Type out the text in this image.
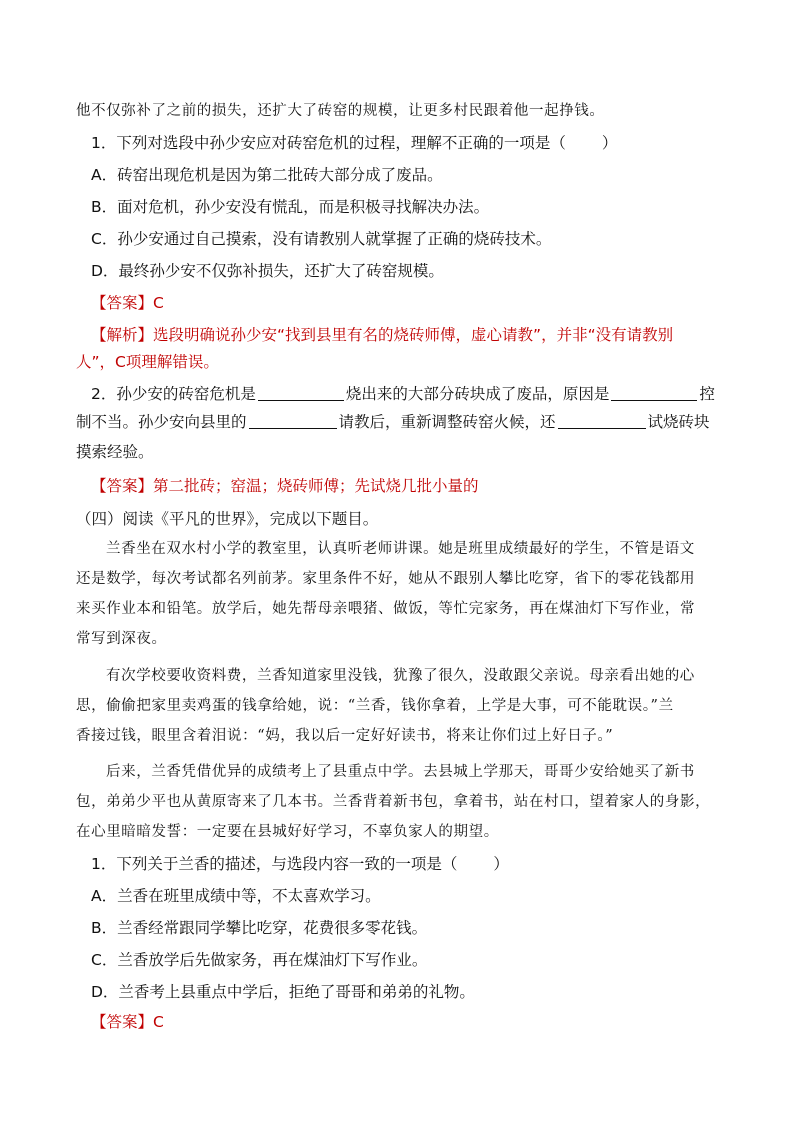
他不仅弥补了之前的损失，还扩大了砖窑的规模，让更多村民跟着他一起挣钱。
1．下列对选段中孙少安应对砖窑危机的过程，理解不正确的一项是（ ）
A．砖窑出现危机是因为第二批砖大部分成了废品。
B．面对危机，孙少安没有慌乱，而是积极寻找解决办法。
C．孙少安通过自己摸索，没有请教别人就掌握了正确的烧砖技术。
D．最终孙少安不仅弥补损失，还扩大了砖窑规模。
【答案】C
【解析】选段明确说孙少安“找到县里有名的烧砖师傅，虚心请教”，并非“没有请教别
人”，C项理解错误。
2．孙少安的砖窑危机是	烧出来的大部分砖块成了废品，原因是	控
制不当。孙少安向县里的	请教后，重新调整砖窑火候，还	试烧砖块
摸索经验。
【答案】第二批砖；窑温；烧砖师傅；先试烧几批小量的
（四）阅读《平凡的世界》，完成以下题目。
兰香坐在双水村小学的教室里，认真听老师讲课。她是班里成绩最好的学生，不管是语文
还是数学，每次考试都名列前茅。家里条件不好，她从不跟别人攀比吃穿，省下的零花钱都用
来买作业本和铅笔。放学后，她先帮母亲喂猪、做饭，等忙完家务，再在煤油灯下写作业，常
常写到深夜。
有次学校要收资料费，兰香知道家里没钱，犹豫了很久，没敢跟父亲说。母亲看出她的心
思，偷偷把家里卖鸡蛋的钱拿给她，说：“兰香，钱你拿着，上学是大事，可不能耽误。”兰
香接过钱，眼里含着泪说：“妈，我以后一定好好读书，将来让你们过上好日子。”
后来，兰香凭借优异的成绩考上了县重点中学。去县城上学那天，哥哥少安给她买了新书
包，弟弟少平也从黄原寄来了几本书。兰香背着新书包，拿着书，站在村口，望着家人的身影，
在心里暗暗发誓：一定要在县城好好学习，不辜负家人的期望。
1．下列关于兰香的描述，与选段内容一致的一项是（ ）
A．兰香在班里成绩中等，不太喜欢学习。
B．兰香经常跟同学攀比吃穿，花费很多零花钱。
C．兰香放学后先做家务，再在煤油灯下写作业。
D．兰香考上县重点中学后，拒绝了哥哥和弟弟的礼物。
【答案】C
